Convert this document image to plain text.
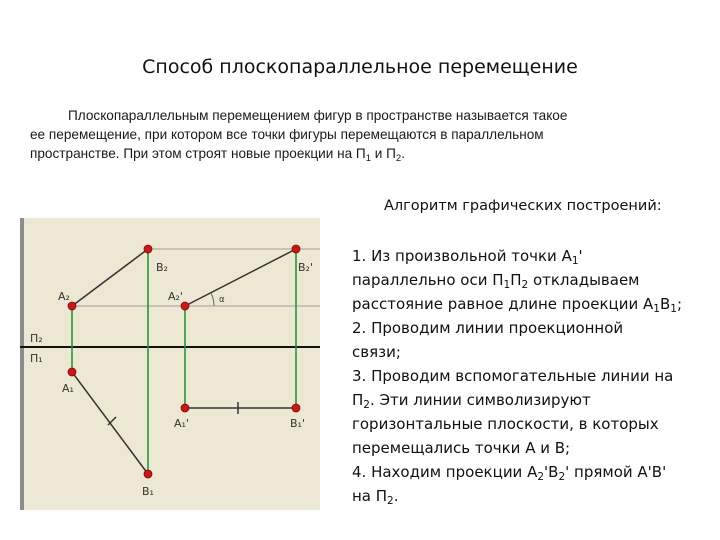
Способ плоскопараллельное перемещение
Плоскопараллельным перемещением фигур в пространстве называется такое
ее перемещение, при котором все точки фигуры перемещаются в параллельном
пространстве. При этом строят новые проекции на $П_1$ и $П_2$.
Алгоритм графических построений:
1. Из произвольной точки $A_1'$
параллельно оси $П_1П_2$ откладываем
расстояние равное длине проекции $A_1B_1$;
2. Проводим линии проекционной
связи;
3. Проводим вспомогательные линии на
$П_2$. Эти линии символизируют
горизонтальные плоскости, в которых
перемещались точки А и В;
4. Находим проекции $A_2'B_2'$ прямой A'B'
на $П_2$.
B₂	B₂'
A₂	A₂'	α
П₂
П₁
A₁
A₁'	B₁'
B₁
